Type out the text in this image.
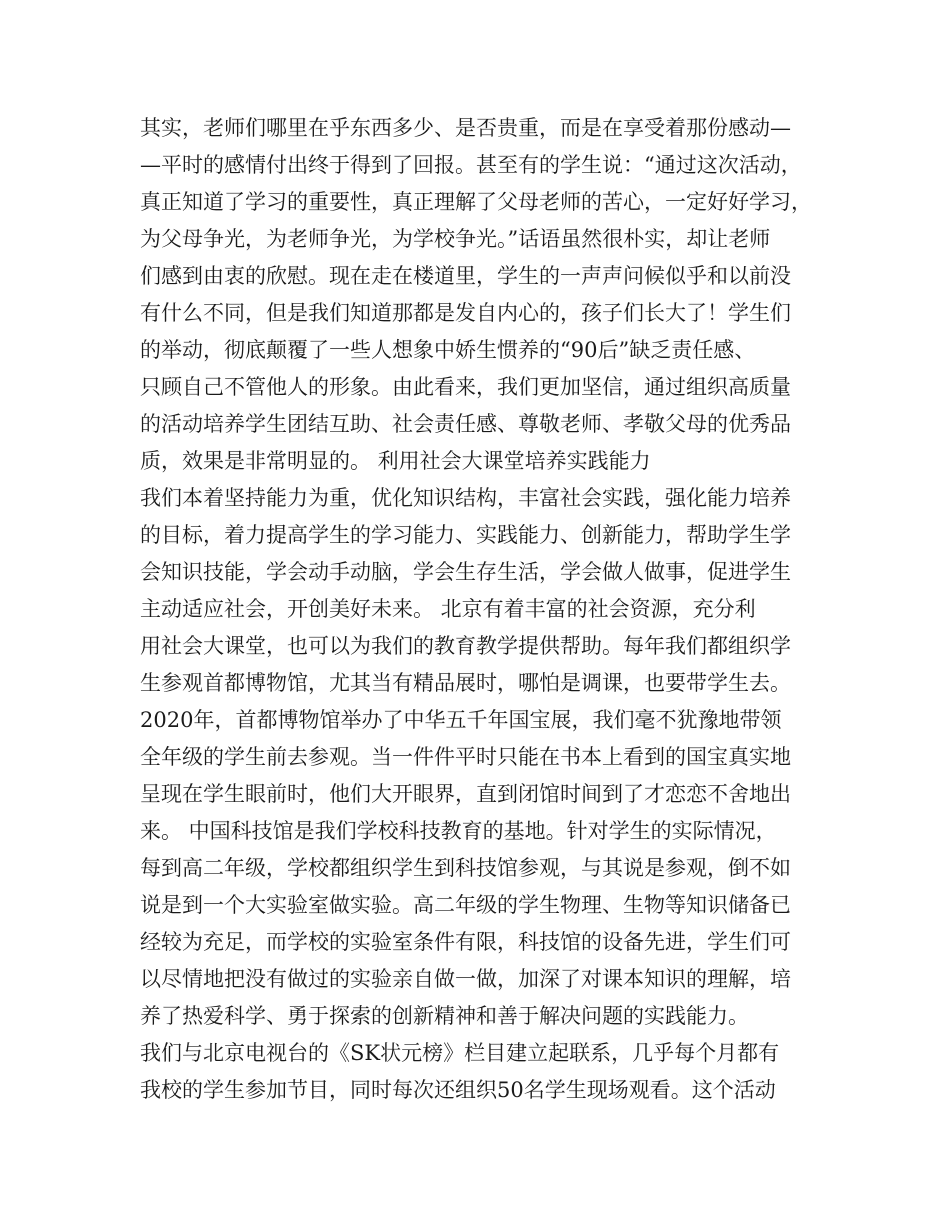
其实，老师们哪里在乎东西多少、是否贵重，而是在享受着那份感动—
—平时的感情付出终于得到了回报。甚至有的学生说：“通过这次活动，
真正知道了学习的重要性，真正理解了父母老师的苦心，一定好好学习，
为父母争光，为老师争光，为学校争光。”话语虽然很朴实，却让老师
们感到由衷的欣慰。现在走在楼道里，学生的一声声问候似乎和以前没
有什么不同，但是我们知道那都是发自内心的，孩子们长大了！学生们
的举动，彻底颠覆了一些人想象中娇生惯养的“90后”缺乏责任感、
只顾自己不管他人的形象。由此看来，我们更加坚信，通过组织高质量
的活动培养学生团结互助、社会责任感、尊敬老师、孝敬父母的优秀品
质，效果是非常明显的。 利用社会大课堂培养实践能力
我们本着坚持能力为重，优化知识结构，丰富社会实践，强化能力培养
的目标，着力提高学生的学习能力、实践能力、创新能力，帮助学生学
会知识技能，学会动手动脑，学会生存生活，学会做人做事，促进学生
主动适应社会，开创美好未来。 北京有着丰富的社会资源，充分利
用社会大课堂，也可以为我们的教育教学提供帮助。每年我们都组织学
生参观首都博物馆，尤其当有精品展时，哪怕是调课，也要带学生去。
2020年，首都博物馆举办了中华五千年国宝展，我们毫不犹豫地带领
全年级的学生前去参观。当一件件平时只能在书本上看到的国宝真实地
呈现在学生眼前时，他们大开眼界，直到闭馆时间到了才恋恋不舍地出
来。 中国科技馆是我们学校科技教育的基地。针对学生的实际情况，
每到高二年级，学校都组织学生到科技馆参观，与其说是参观，倒不如
说是到一个大实验室做实验。高二年级的学生物理、生物等知识储备已
经较为充足，而学校的实验室条件有限，科技馆的设备先进，学生们可
以尽情地把没有做过的实验亲自做一做，加深了对课本知识的理解，培
养了热爱科学、勇于探索的创新精神和善于解决问题的实践能力。
我们与北京电视台的《SK状元榜》栏目建立起联系，几乎每个月都有
我校的学生参加节目，同时每次还组织50名学生现场观看。这个活动
